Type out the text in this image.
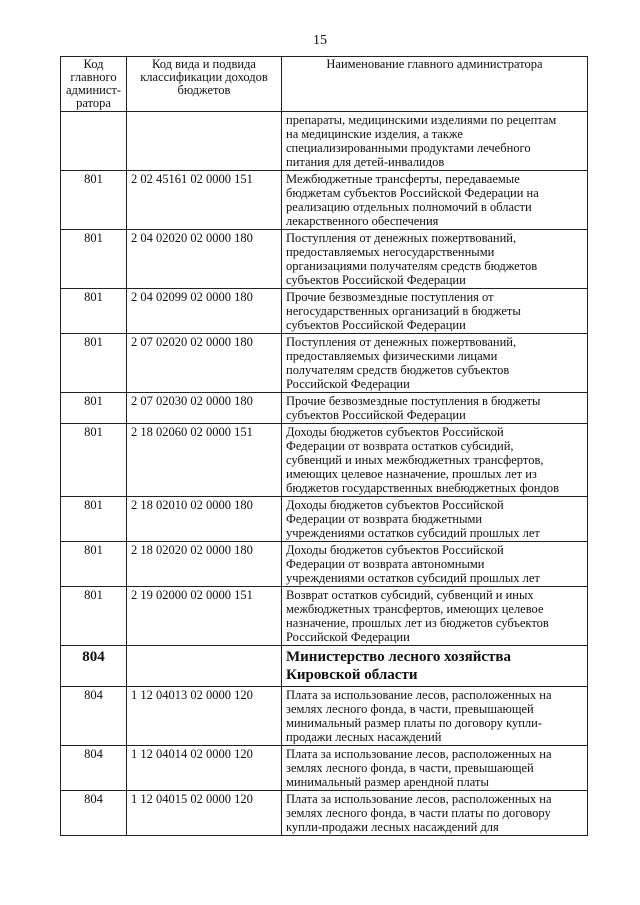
15
Код главного админист-ратора	Код вида и подвида классификации доходов бюджетов	Наименование главного администратора

		препараты, медицинскими изделиями по рецептам
на медицинские изделия, а также
специализированными продуктами лечебного
питания для детей-инвалидов

801	2 02 45161 02 0000 151	Межбюджетные трансферты, передаваемые
бюджетам субъектов Российской Федерации на
реализацию отдельных полномочий в области
лекарственного обеспечения

801	2 04 02020 02 0000 180	Поступления от денежных пожертвований,
предоставляемых негосударственными
организациями получателям средств бюджетов
субъектов Российской Федерации

801	2 04 02099 02 0000 180	Прочие безвозмездные поступления от
негосударственных организаций в бюджеты
субъектов Российской Федерации

801	2 07 02020 02 0000 180	Поступления от денежных пожертвований,
предоставляемых физическими лицами
получателям средств бюджетов субъектов
Российской Федерации

801	2 07 02030 02 0000 180	Прочие безвозмездные поступления в бюджеты
субъектов Российской Федерации

801	2 18 02060 02 0000 151	Доходы бюджетов субъектов Российской
Федерации от возврата остатков субсидий,
субвенций и иных межбюджетных трансфертов,
имеющих целевое назначение, прошлых лет из
бюджетов государственных внебюджетных фондов

801	2 18 02010 02 0000 180	Доходы бюджетов субъектов Российской
Федерации от возврата бюджетными
учреждениями остатков субсидий прошлых лет

801	2 18 02020 02 0000 180	Доходы бюджетов субъектов Российской
Федерации от возврата автономными
учреждениями остатков субсидий прошлых лет

801	2 19 02000 02 0000 151	Возврат остатков субсидий, субвенций и иных
межбюджетных трансфертов, имеющих целевое
назначение, прошлых лет из бюджетов субъектов
Российской Федерации

804		Министерство лесного хозяйства
Кировской области

804	1 12 04013 02 0000 120	Плата за использование лесов, расположенных на
землях лесного фонда, в части, превышающей
минимальный размер платы по договору купли-
продажи лесных насаждений

804	1 12 04014 02 0000 120	Плата за использование лесов, расположенных на
землях лесного фонда, в части, превышающей
минимальный размер арендной платы

804	1 12 04015 02 0000 120	Плата за использование лесов, расположенных на
землях лесного фонда, в части платы по договору
купли-продажи лесных насаждений для
